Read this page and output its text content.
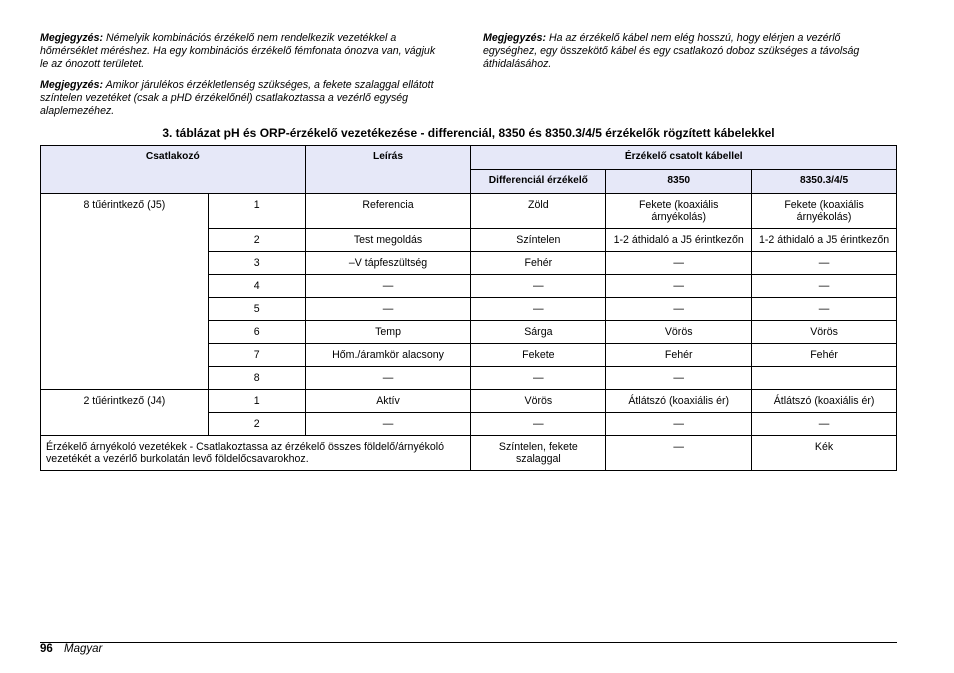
Megjegyzés: Némelyik kombinációs érzékelő nem rendelkezik vezetékkel a hőmérséklet méréshez. Ha egy kombinációs érzékelő fémfonata ónozva van, vágjuk le az ónozott területet.

Megjegyzés: Amikor járulékos érzékletlenség szükséges, a fekete szalaggal ellátott színtelen vezetéket (csak a pHD érzékelőnél) csatlakoztassa a vezérlő egység alaplemezéhez.

Megjegyzés: Ha az érzékelő kábel nem elég hosszú, hogy elérjen a vezérlő egységhez, egy összekötő kábel és egy csatlakozó doboz szükséges a távolság áthidalásához.

3. táblázat pH és ORP-érzékelő vezetékezése - differenciál, 8350 és 8350.3/4/5 érzékelők rögzített kábelekkel
Csatlakozó		Leírás	Érzékelő csatolt kábellel		
			Differenciál érzékelő	8350	8350.3/4/5
8 tűérintkező (J5)	1	Referencia	Zöld	Fekete (koaxiális árnyékolás)	Fekete (koaxiális árnyékolás)
	2	Test megoldás	Színtelen	1-2 áthidaló a J5 érintkezőn	1-2 áthidaló a J5 érintkezőn
	3	–V tápfeszültség	Fehér	—	—
	4	—	—	—	—
	5	—	—	—	—
	6	Temp	Sárga	Vörös	Vörös
	7	Hőm./áramkör alacsony	Fekete	Fehér	Fehér
	8	—	—	—	
2 tűérintkező (J4)	1	Aktív	Vörös	Átlátszó (koaxiális ér)	Átlátszó (koaxiális ér)
	2	—	—	—	—
Érzékelő árnyékoló vezetékek - Csatlakoztassa az érzékelő összes földelő/árnyékoló vezetékét a vezérlő burkolatán levő földelőcsavarokhoz.			Színtelen, fekete szalaggal	—	Kék
96 Magyar
